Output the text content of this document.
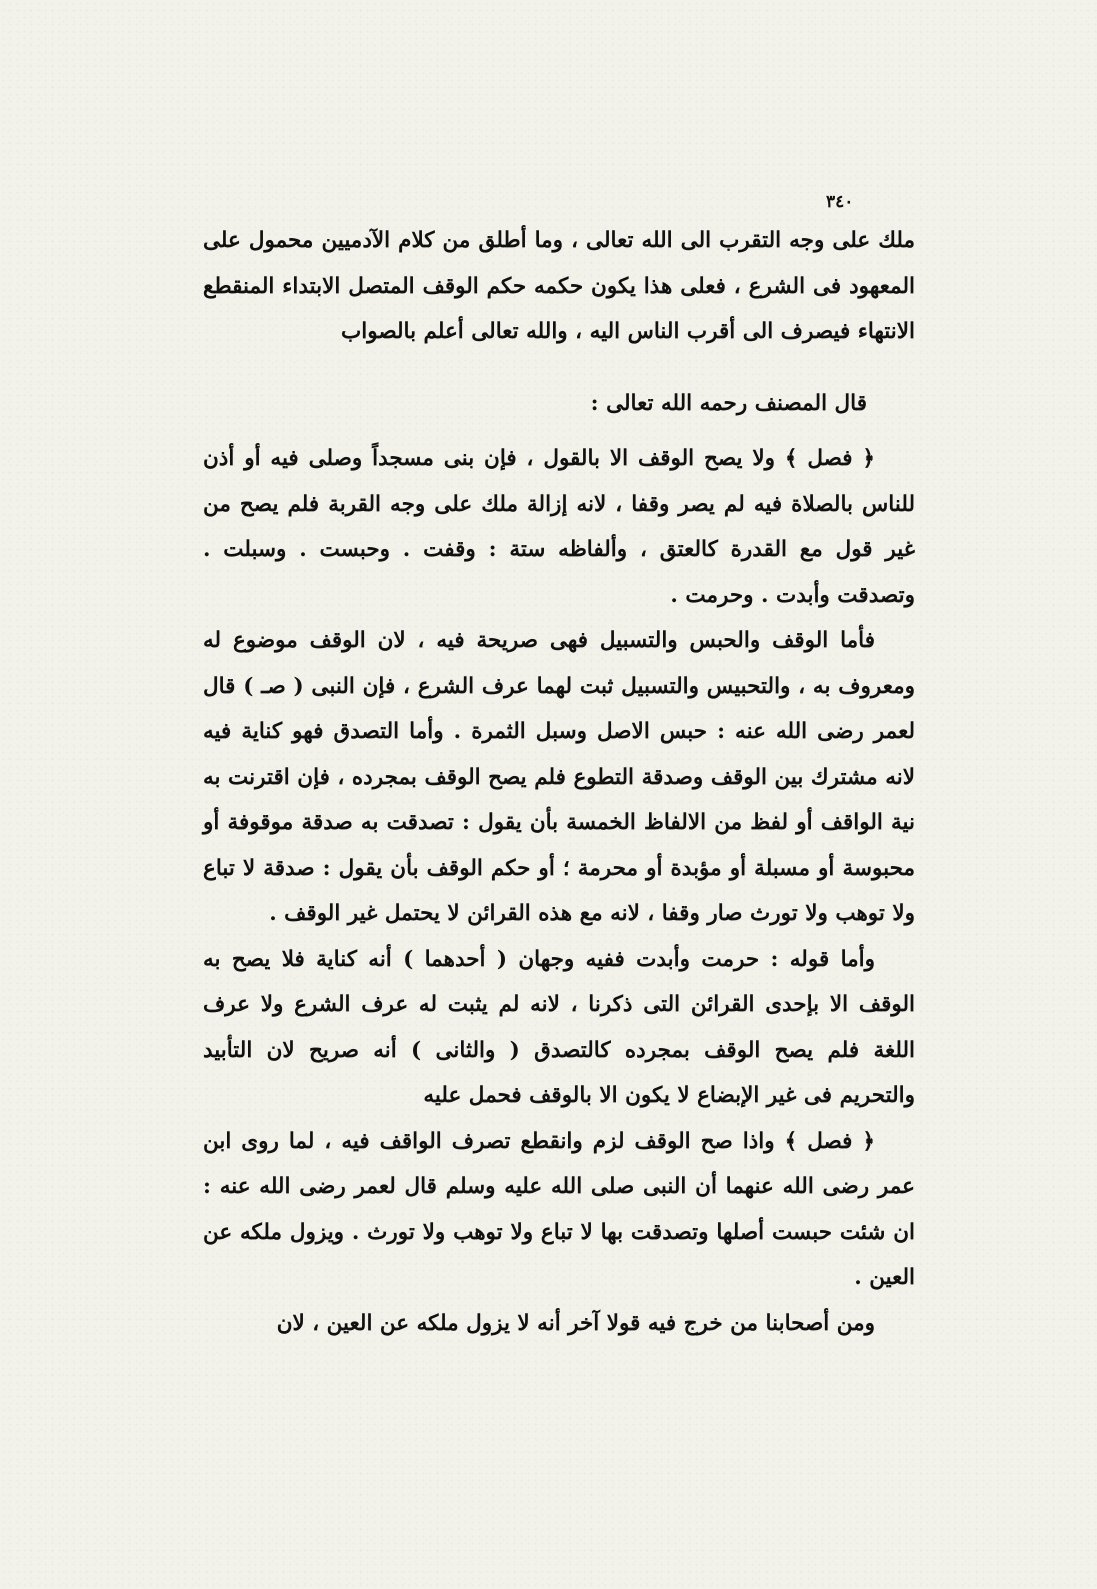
٣٤٠

ملك على وجه التقرب الى الله تعالى ، وما أطلق من كلام الآدميين محمول على المعهود فى الشرع ، فعلى هذا يكون حكمه حكم الوقف المتصل الابتداء المنقطع الانتهاء فيصرف الى أقرب الناس اليه ، والله تعالى أعلم بالصواب

قال المصنف رحمه الله تعالى :

﴿ فصل ﴾ ولا يصح الوقف الا بالقول ، فإن بنى مسجداً وصلى فيه أو أذن للناس بالصلاة فيه لم يصر وقفا ، لانه إزالة ملك على وجه القربة فلم يصح من غير قول مع القدرة كالعتق ، وألفاظه ستة : وقفت . وحبست . وسبلت . وتصدقت وأبدت . وحرمت .

فأما الوقف والحبس والتسبيل فهى صريحة فيه ، لان الوقف موضوع له ومعروف به ، والتحبيس والتسبيل ثبت لهما عرف الشرع ، فإن النبى ( صـ ) قال لعمر رضى الله عنه : حبس الاصل وسبل الثمرة . وأما التصدق فهو كناية فيه لانه مشترك بين الوقف وصدقة التطوع فلم يصح الوقف بمجرده ، فإن اقترنت به نية الواقف أو لفظ من الالفاظ الخمسة بأن يقول : تصدقت به صدقة موقوفة أو محبوسة أو مسبلة أو مؤبدة أو محرمة ؛ أو حكم الوقف بأن يقول : صدقة لا تباع ولا توهب ولا تورث صار وقفا ، لانه مع هذه القرائن لا يحتمل غير الوقف .

وأما قوله : حرمت وأبدت ففيه وجهان ( أحدهما ) أنه كناية فلا يصح به الوقف الا بإحدى القرائن التى ذكرنا ، لانه لم يثبت له عرف الشرع ولا عرف اللغة فلم يصح الوقف بمجرده كالتصدق ( والثانى ) أنه صريح لان التأبيد والتحريم فى غير الإبضاع لا يكون الا بالوقف فحمل عليه

﴿ فصل ﴾ واذا صح الوقف لزم وانقطع تصرف الواقف فيه ، لما روى ابن عمر رضى الله عنهما أن النبى صلى الله عليه وسلم قال لعمر رضى الله عنه : ان شئت حبست أصلها وتصدقت بها لا تباع ولا توهب ولا تورث . ويزول ملكه عن العين .

ومن أصحابنا من خرج فيه قولا آخر أنه لا يزول ملكه عن العين ، لان
